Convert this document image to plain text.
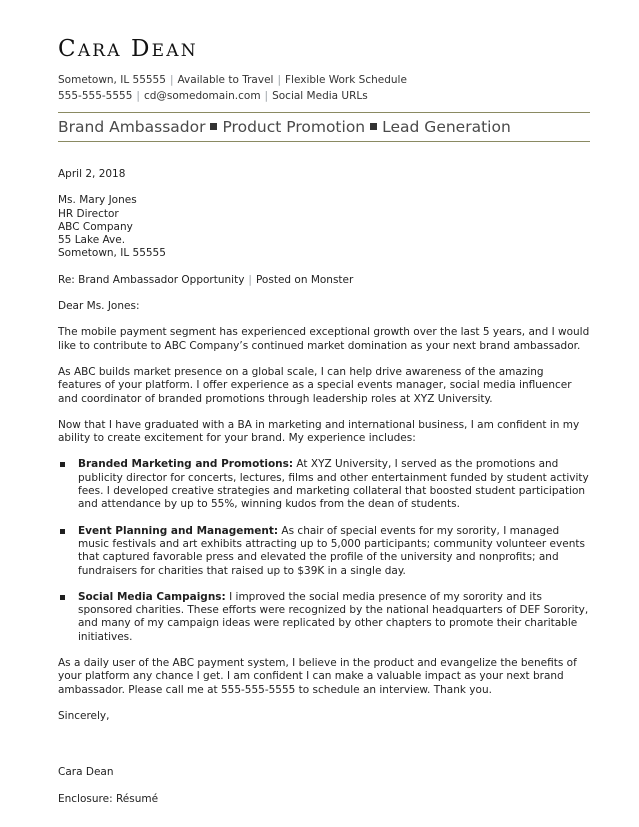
CARA DEAN
Sometown, IL 55555 | Available to Travel | Flexible Work Schedule
555-555-5555 | cd@somedomain.com | Social Media URLs
Brand Ambassador Product Promotion Lead Generation

April 2, 2018

Ms. Mary Jones
HR Director
ABC Company
55 Lake Ave.
Sometown, IL 55555

Re: Brand Ambassador Opportunity | Posted on Monster

Dear Ms. Jones:

The mobile payment segment has experienced exceptional growth over the last 5 years, and I would like to contribute to ABC Company’s continued market domination as your next brand ambassador.

As ABC builds market presence on a global scale, I can help drive awareness of the amazing features of your platform. I offer experience as a special events manager, social media influencer and coordinator of branded promotions through leadership roles at XYZ University.

Now that I have graduated with a BA in marketing and international business, I am confident in my ability to create excitement for your brand. My experience includes:

Branded Marketing and Promotions: At XYZ University, I served as the promotions and publicity director for concerts, lectures, films and other entertainment funded by student activity fees. I developed creative strategies and marketing collateral that boosted student participation and attendance by up to 55%, winning kudos from the dean of students.
Event Planning and Management: As chair of special events for my sorority, I managed music festivals and art exhibits attracting up to 5,000 participants; community volunteer events that captured favorable press and elevated the profile of the university and nonprofits; and fundraisers for charities that raised up to $39K in a single day.
Social Media Campaigns: I improved the social media presence of my sorority and its sponsored charities. These efforts were recognized by the national headquarters of DEF Sorority, and many of my campaign ideas were replicated by other chapters to promote their charitable initiatives.

As a daily user of the ABC payment system, I believe in the product and evangelize the benefits of your platform any chance I get. I am confident I can make a valuable impact as your next brand ambassador. Please call me at 555-555-5555 to schedule an interview. Thank you.

Sincerely,

Cara Dean

Enclosure: Résumé
